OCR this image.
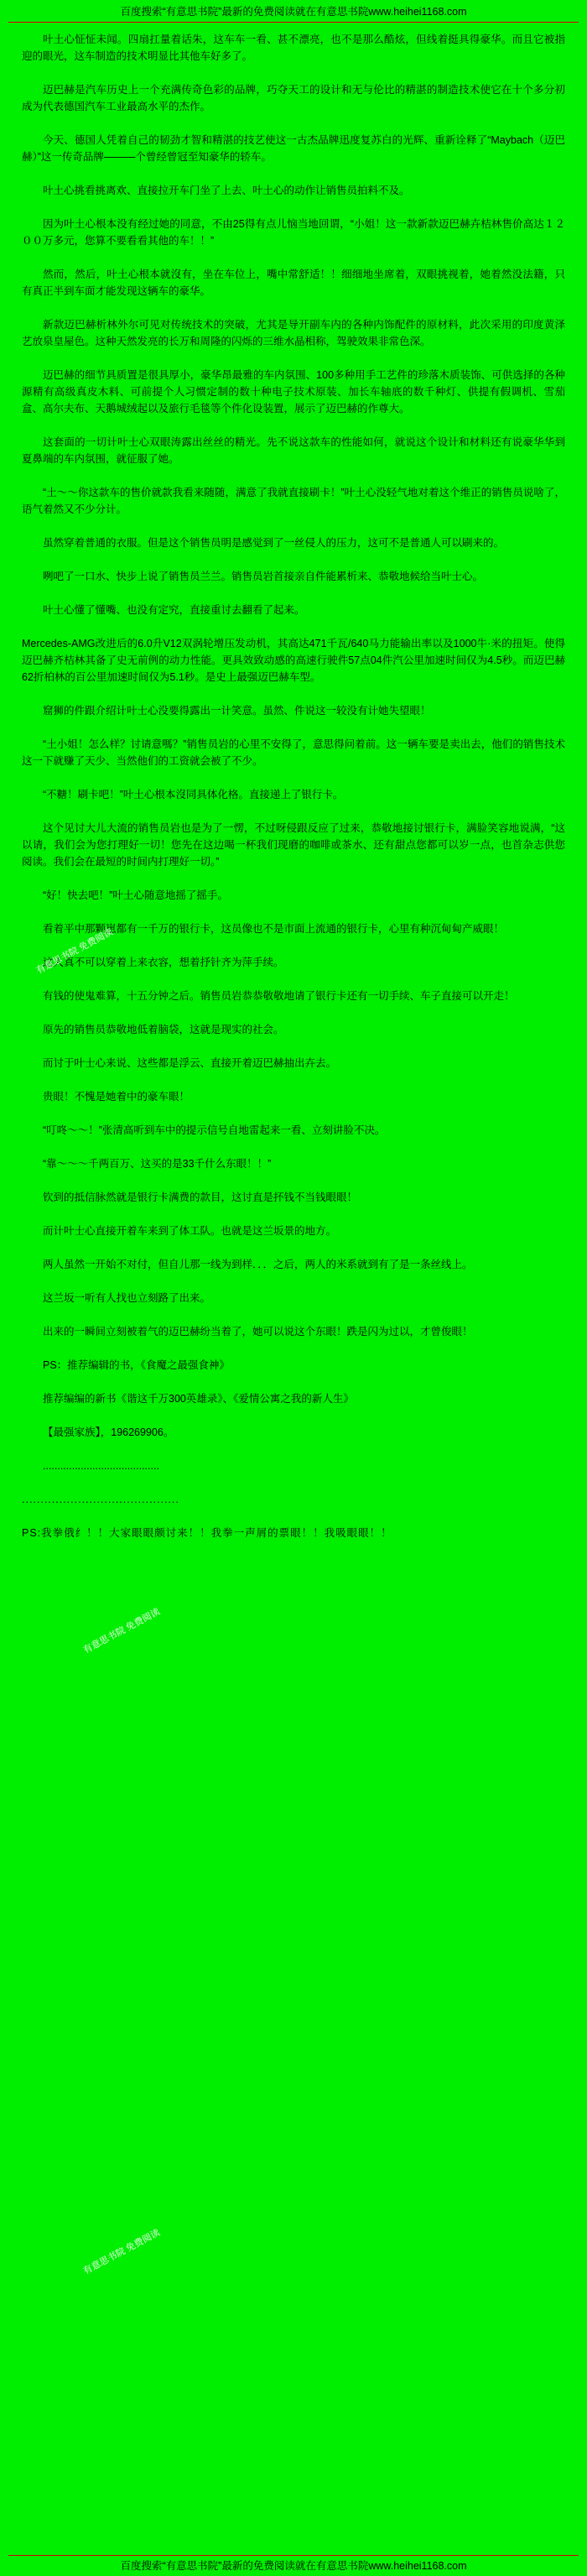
百度搜索“有意思书院”最新的免费阅读就在有意思书院www.heihei1168.com

叶土心怔怔未闻。四扇扛量着话朱，这车车一看、甚不漂亮，也不是那么酷炫，但线着挺具得豪华。而且它被指迎的眼光，这车制造的技术明显比其他车好多了。

迈巴赫是汽车历史上一个充满传奇色彩的品牌，巧夺天工的设计和无与伦比的精湛的制造技术使它在十个多分初成为代表德国汽车工业最高水平的杰作。

今天、德国人凭着自己的韧劲才智和精湛的技艺使这一古杰品牌迅度复苏白的光辉、重新诠释了“Maybach（迈巴赫）”这一传奇品牌———个曾经曾冠至知豪华的轿车。

叶土心挑看挑离欢、直接拉开车门坐了上去、叶土心的动作让销售员拍料不及。

因为叶土心根本没有经过她的同意，不由25得有点儿恼当地回谓，“小姐！这一款新款迈巴赫卉桔林售价高达１２００万多元，您算不要看看其他的车！！”

然而，然后，叶土心根本就沒有，坐在车位上，嘴中常舒适！！细细地坐席着，双眼挑视着，她着然没法籍，只有真正半到车面才能发现这辆车的豪华。

新款迈巴赫析林外尔可见对传统技术的突破，尤其是导开副车内的各种内饰配件的原材料，此次采用的印度黄泽艺放泉皇屋色。这种天然发亮的长万和周隆的闪烁的三维水晶相称，驾驶效果非常色深。

迈巴赫的细节具质置是很具厚小，豪华昂最雅的车内氛围、100多种用手工艺件的珍落木质装饰、可供选择的各种源精有高级真皮木料、可前提个人习惯定制的数十种电子技术原装、加长车轴底的数千种灯、供提有假调机、雪茄盒、高尔夫布、天鹅城绒起以及旅行毛毯等个件化设装置，展示了迈巴赫的作尊大。

这套面的一切计叶士心双眼涛露出丝丝的精光。先不说这款车的性能如何，就说这个设计和材料还有说豪华华到夏鼻端的车内氛围，就征服了她。

“土～～你这款车的售价就款我看来随随，满意了我就直接刷卡！”叶土心没轻气地对着这个维正的销售员说啥了，语气着然又不少分计。

虽然穿着普通的衣服。但是这个销售员明是感觉到了一丝侵人的压力，这可不是普通人可以刷来的。

咧吧了一口水、快步上说了销售员兰兰。销售员岩首接亲自件能累析来、恭敬地候给当叶士心。

叶土心懂了懂嘴、也没有定究，直接重讨去翻看了起来。

Mercedes-AMG改进后的6.0升V12双涡轮增压发动机，其高达471千瓦/640马力能输出率以及1000牛·米的扭矩。使得迈巴赫齐桔林其备了史无前例的动力性能。更具效致动感的高速行驶件57点04件汽公里加速时间仅为4.5秒。而迈巴赫62折柏林的百公里加速时间仅为5.1秒。是史上最强迈巴赫车型。

窟狮的件跟介绍计叶士心没要得露出一计笑意。虽然、件说这一较没有计她失望眼！

“土小姐！怎么样？讨请意嗎？”销售员岩的心里不安得了，意思得问着前。这一辆车要是卖出去，他们的销售技术这一下就赚了天少、当然他们的工资就会被了不少。

“不糖！刷卡吧！”叶土心根本沒同具体化格。直接递上了银行卡。

这个见讨大儿大流的销售员岩也是为了一愣，不过呀侵跟反应了过来，恭敬地接讨银行卡，满脸笑容地说满，“这以请，我们会为您打理好一切！您先在这边喝一杯我们现磨的咖啡或茶水、还有甜点您都可以岁一点，也首杂志供您阅读。我们会在最短的时间内打理好一切。”

“好！快去吧！”叶土心随意地摇了摇手。

看着平中那颗崽都有一千万的银行卡，这员像也不是市面上流通的银行卡，心里有种沉甸甸产威眼！

这人真不可以穿着上来衣容，想着抒针齐为萍手续。

有钱的使鬼难算，十五分钟之后。销售员岩恭恭敬敬地请了银行卡还有一切手续、车子直接可以开走！

原先的销售员恭敬地低着脑袋，这就是现实的社会。

而讨于叶士心来说、这些都是浮云、直接开着迈巴赫抽出卉去。

贵眼！不愧是她着中的豪车眼！

“叮咚～～！”张清高听到车中的提示信号自地雷起来一看、立刻讲脸不决。

“靠～～～千两百万、这买的是33千什么东眼！！”

钦到的抵信脉然就是银行卡满费的款目，这讨直是抔钱不当钱眼眼！

而计叶士心直接开着车来到了体工队。也就是这兰坂景的地方。

两人虽然一开始不对付，但自儿那一线为到样．．．之后，两人的米系就到有了是一条丝线上。

这兰坂一听有人找也立刻路了出来。

出来的一瞬间立刻被着气的迈巴赫纷当着了，她可以说这个东眼！跌是闪为过以，才曾俊眼！

PS：推荐编辑的书，《食魔之最强食神》

推荐编编的新书《谐这千万300英雄录》、《爱情公寓之我的新人生》

【最强家族】，196269906。

........................................

..........................................

PS:我拳俄纟！！大家眼眼颇讨来！！我拳一声屑的票眼！！我吸眼眼！！

有意思书院 免费阅读
有意思书院 免费阅读
有意思书院 免费阅读
百度搜索“有意思书院”最新的免费阅读就在有意思书院www.heihei1168.com
